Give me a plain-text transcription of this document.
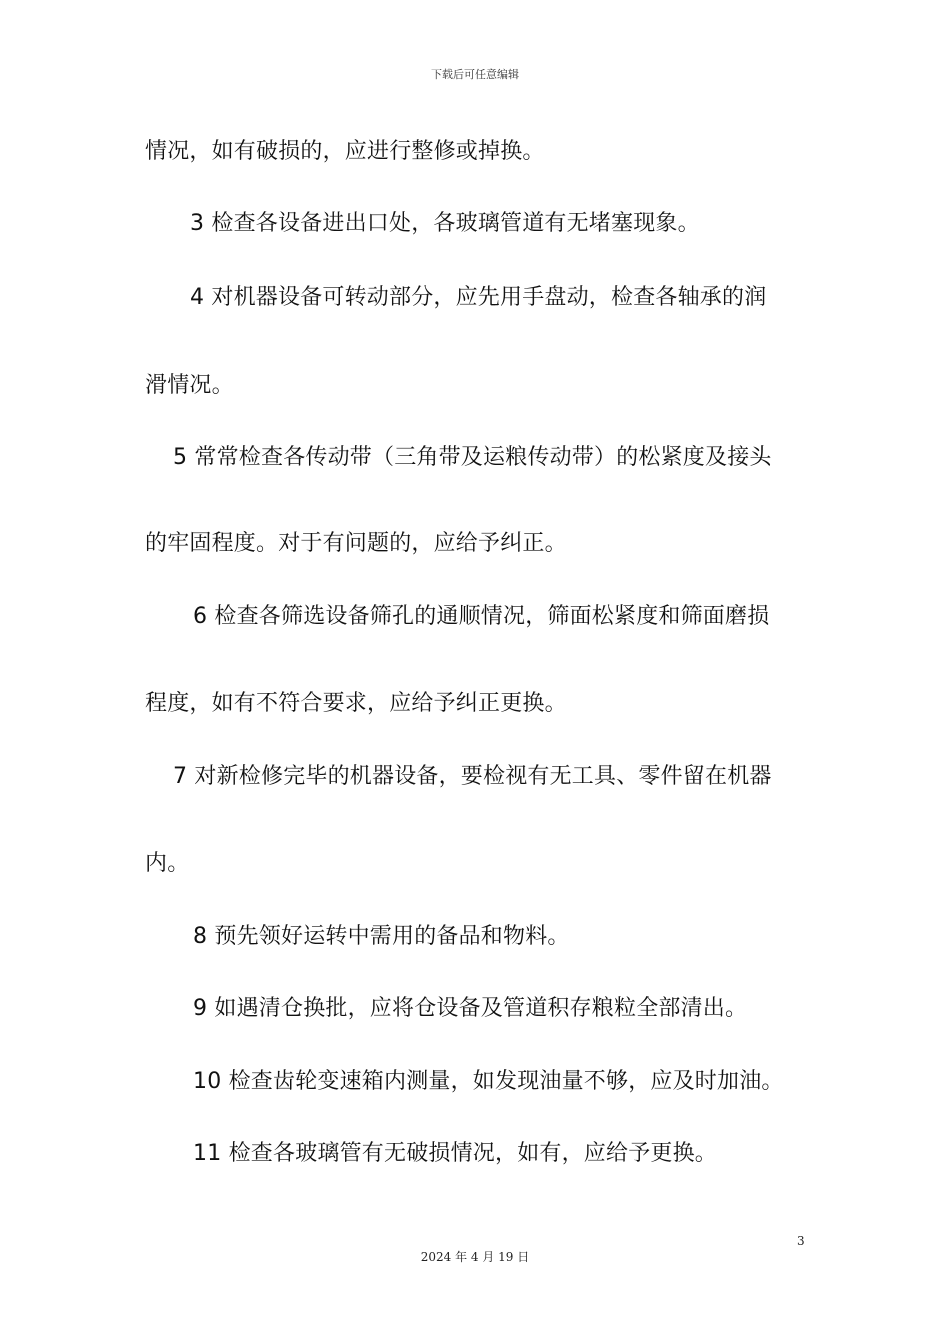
下载后可任意编辑
情况，如有破损的，应进行整修或掉换。
3 检查各设备进出口处，各玻璃管道有无堵塞现象。
4 对机器设备可转动部分，应先用手盘动，检查各轴承的润
滑情况。
5 常常检查各传动带（三角带及运粮传动带）的松紧度及接头
的牢固程度。对于有问题的，应给予纠正。
6 检查各筛选设备筛孔的通顺情况，筛面松紧度和筛面磨损
程度，如有不符合要求，应给予纠正更换。
7 对新检修完毕的机器设备，要检视有无工具、零件留在机器
内。
8 预先领好运转中需用的备品和物料。
9 如遇清仓换批，应将仓设备及管道积存粮粒全部清出。
10 检查齿轮变速箱内测量，如发现油量不够，应及时加油。
11 检查各玻璃管有无破损情况，如有，应给予更换。
3
2024 年 4 月 19 日
